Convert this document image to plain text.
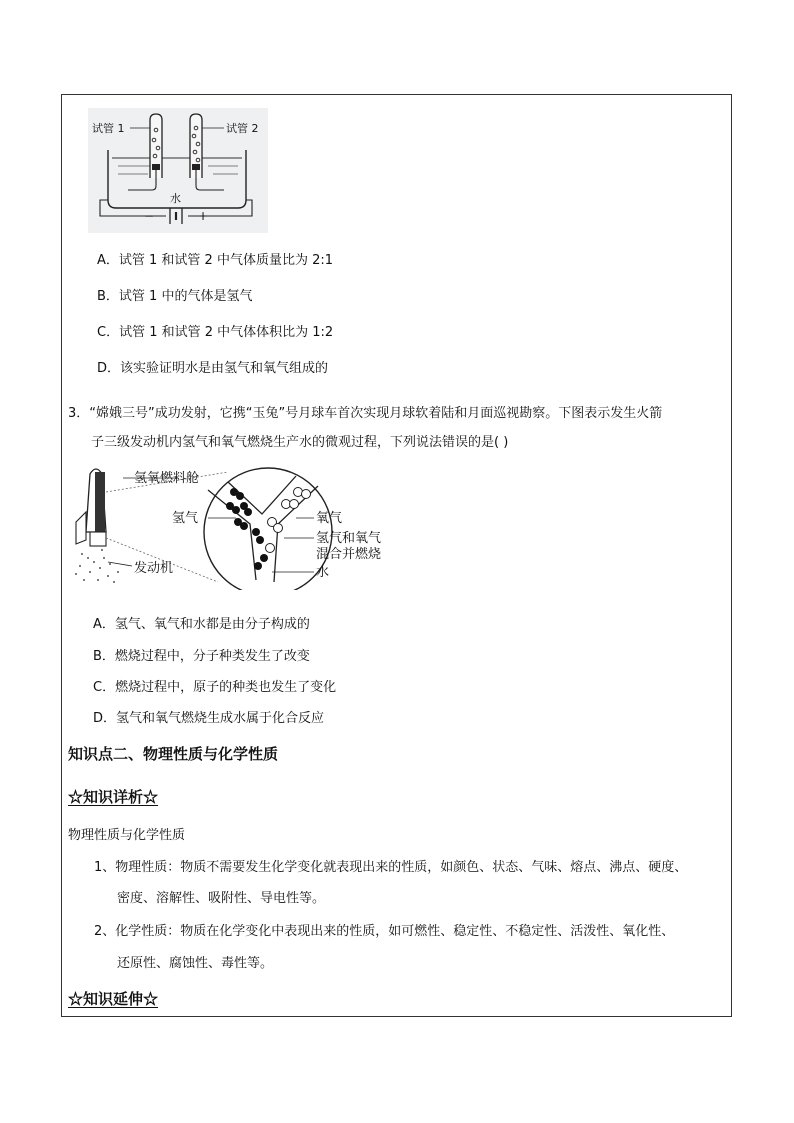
试管 1	试管 2
水
−	+
A．试管 1 和试管 2 中气体质量比为 2:1
B．试管 1 中的气体是氢气
C．试管 1 和试管 2 中气体体积比为 1:2
D．该实验证明水是由氢气和氧气组成的
3．“嫦娥三号”成功发射，它携“玉兔”号月球车首次实现月球软着陆和月面巡视勘察。下图表示发生火箭
子三级发动机内氢气和氧气燃烧生产水的微观过程，下列说法错误的是( )
氢氧燃料舱
氢气	氧气
氢气和氧气
混合并燃烧
水
发动机
A．氢气、氧气和水都是由分子构成的
B．燃烧过程中，分子种类发生了改变
C．燃烧过程中，原子的种类也发生了变化
D．氢气和氧气燃烧生成水属于化合反应
知识点二、物理性质与化学性质
☆知识详析☆
物理性质与化学性质
1、物理性质：物质不需要发生化学变化就表现出来的性质，如颜色、状态、气味、熔点、沸点、硬度、
密度、溶解性、吸附性、导电性等。
2、化学性质：物质在化学变化中表现出来的性质，如可燃性、稳定性、不稳定性、活泼性、氧化性、
还原性、腐蚀性、毒性等。
☆知识延伸☆
